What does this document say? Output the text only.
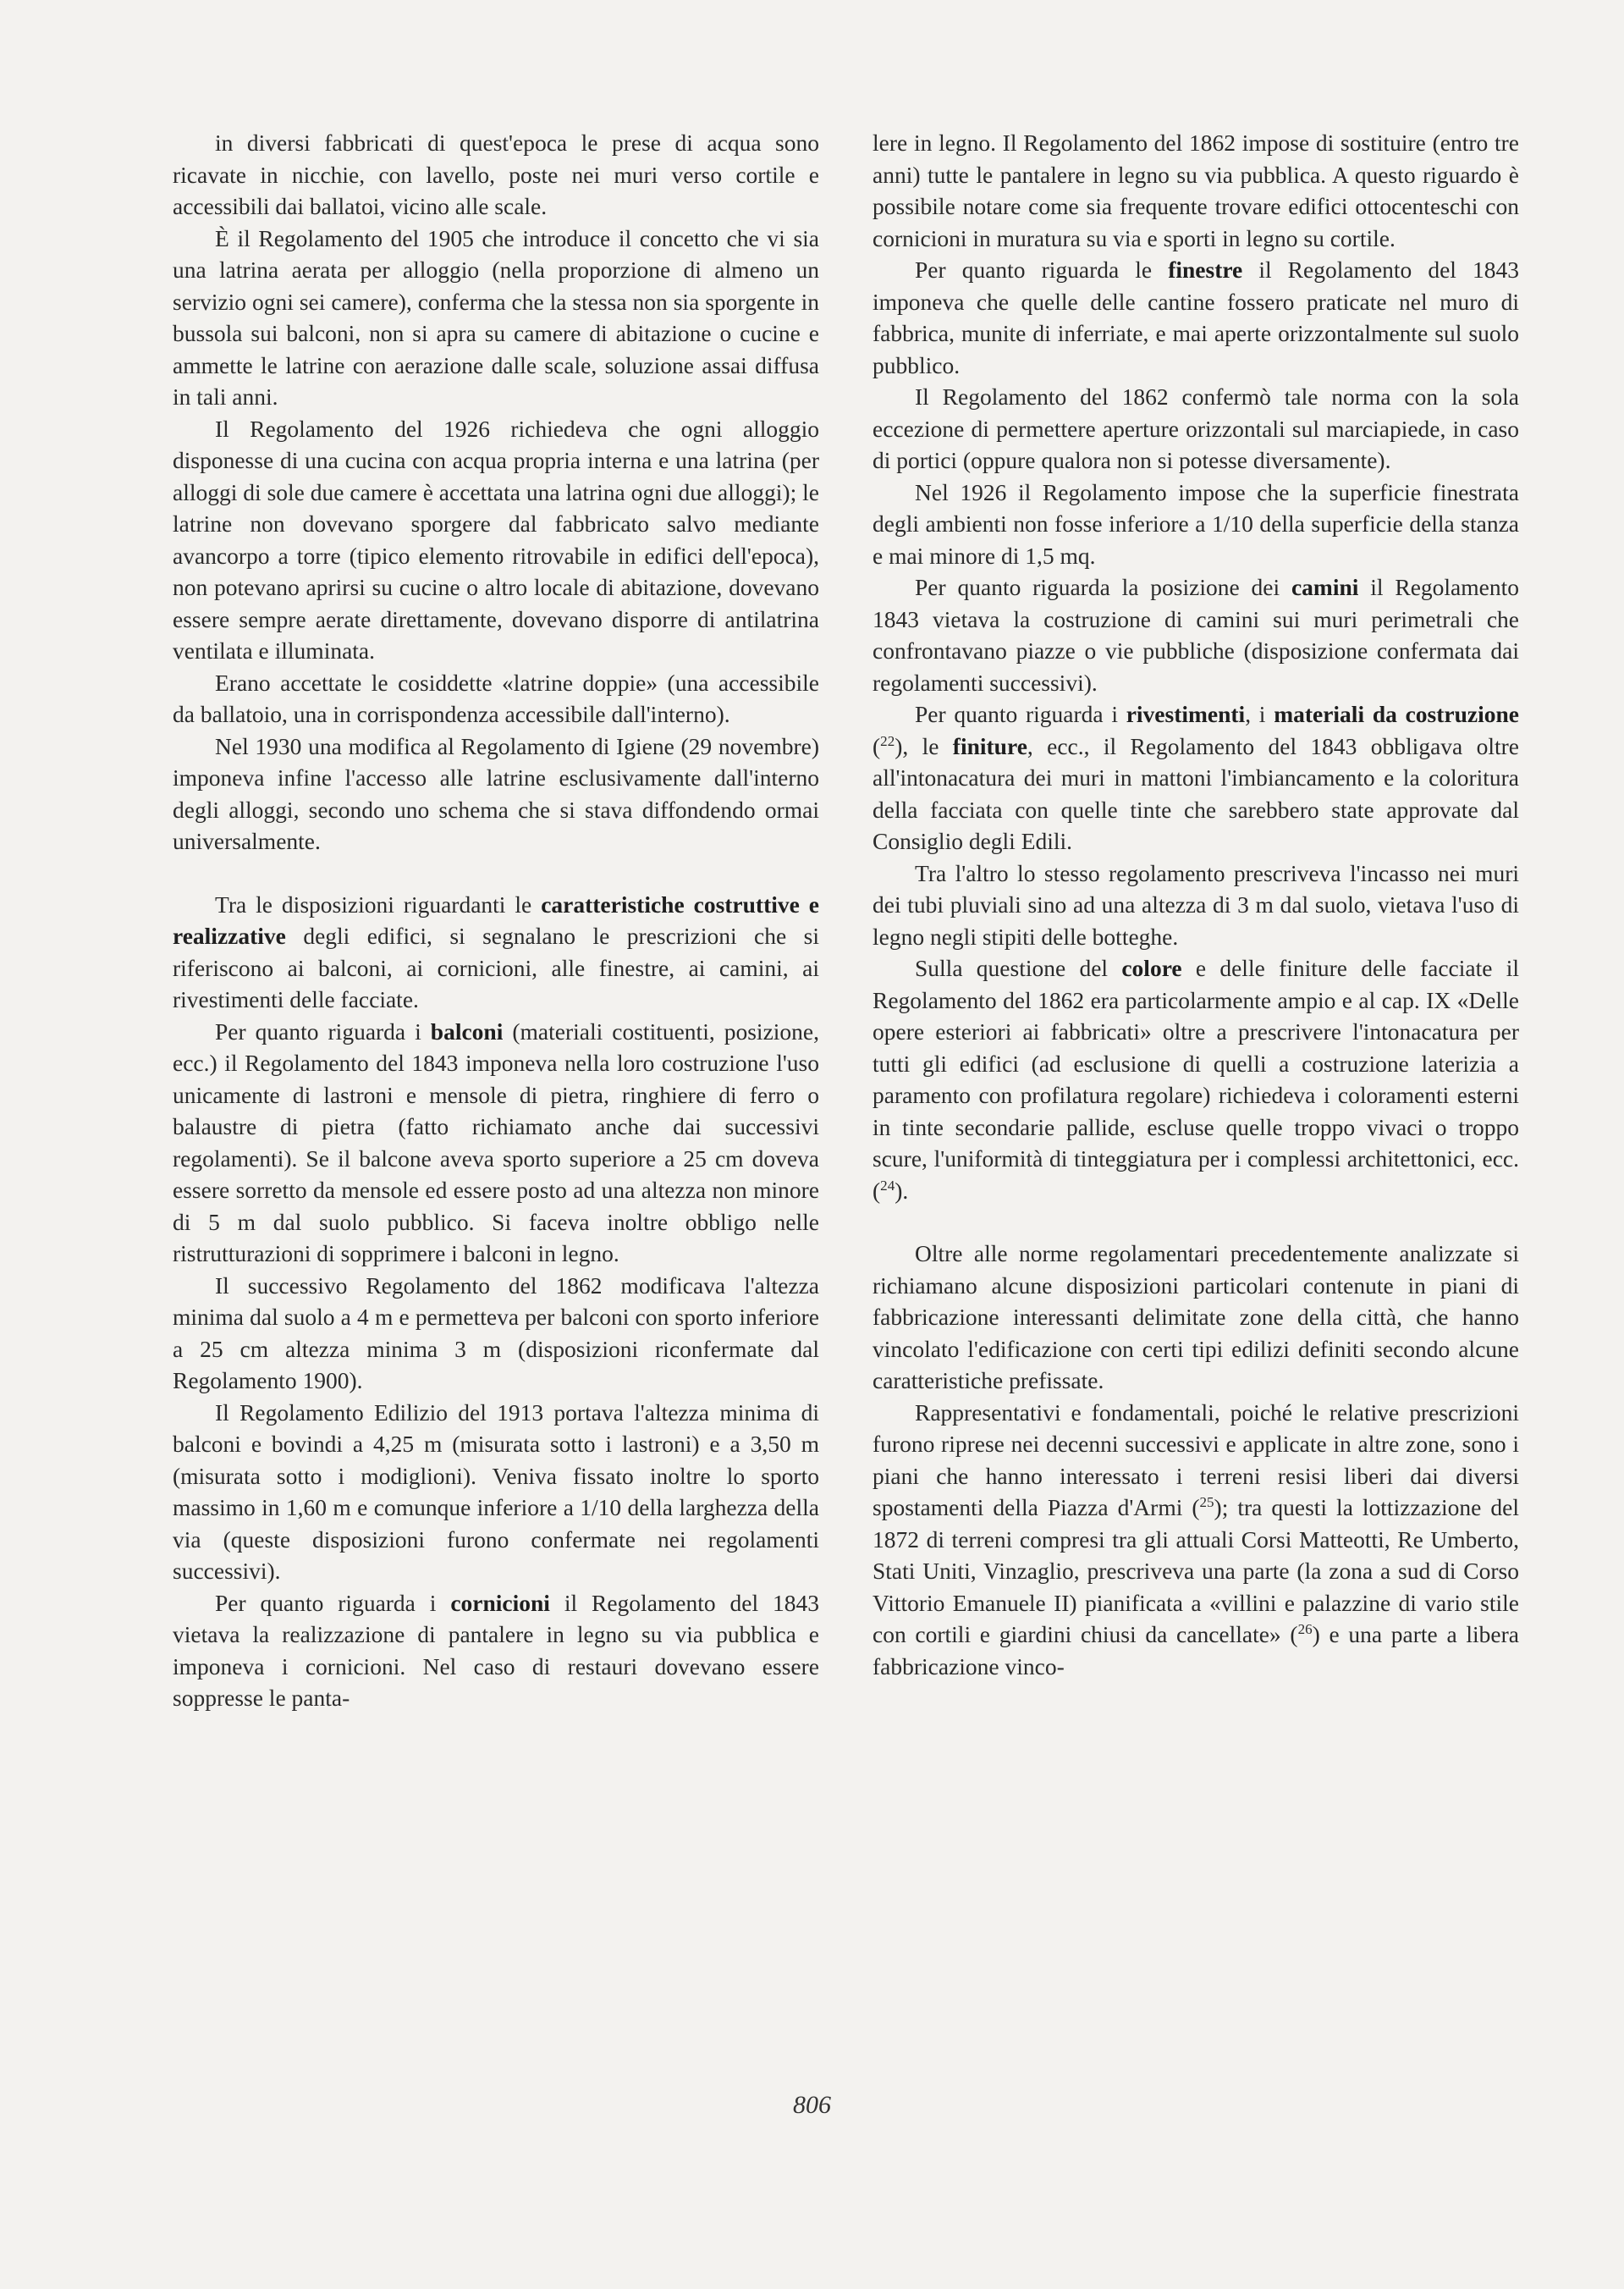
in diversi fabbricati di quest'epoca le prese di acqua sono ricavate in nicchie, con lavello, poste nei muri verso cortile e accessibili dai ballatoi, vicino alle scale.

È il Regolamento del 1905 che introduce il concetto che vi sia una latrina aerata per alloggio (nella proporzione di almeno un servizio ogni sei camere), conferma che la stessa non sia sporgente in bussola sui balconi, non si apra su camere di abitazione o cucine e ammette le latrine con aerazione dalle scale, soluzione assai diffusa in tali anni.

Il Regolamento del 1926 richiedeva che ogni alloggio disponesse di una cucina con acqua propria interna e una latrina (per alloggi di sole due camere è accettata una latrina ogni due alloggi); le latrine non dovevano sporgere dal fabbricato salvo mediante avancorpo a torre (tipico elemento ritrovabile in edifici dell'epoca), non potevano aprirsi su cucine o altro locale di abitazione, dovevano essere sempre aerate direttamente, dovevano disporre di antilatrina ventilata e illuminata.

Erano accettate le cosiddette «latrine doppie» (una accessibile da ballatoio, una in corrispondenza accessibile dall'interno).

Nel 1930 una modifica al Regolamento di Igiene (29 novembre) imponeva infine l'accesso alle latrine esclusivamente dall'interno degli alloggi, secondo uno schema che si stava diffondendo ormai universalmente.

Tra le disposizioni riguardanti le caratteristiche costruttive e realizzative degli edifici, si segnalano le prescrizioni che si riferiscono ai balconi, ai cornicioni, alle finestre, ai camini, ai rivestimenti delle facciate.

Per quanto riguarda i balconi (materiali costituenti, posizione, ecc.) il Regolamento del 1843 imponeva nella loro costruzione l'uso unicamente di lastroni e mensole di pietra, ringhiere di ferro o balaustre di pietra (fatto richiamato anche dai successivi regolamenti). Se il balcone aveva sporto superiore a 25 cm doveva essere sorretto da mensole ed essere posto ad una altezza non minore di 5 m dal suolo pubblico. Si faceva inoltre obbligo nelle ristrutturazioni di sopprimere i balconi in legno.

Il successivo Regolamento del 1862 modificava l'altezza minima dal suolo a 4 m e permetteva per balconi con sporto inferiore a 25 cm altezza minima 3 m (disposizioni riconfermate dal Regolamento 1900).

Il Regolamento Edilizio del 1913 portava l'altezza minima di balconi e bovindi a 4,25 m (misurata sotto i lastroni) e a 3,50 m (misurata sotto i modiglioni). Veniva fissato inoltre lo sporto massimo in 1,60 m e comunque inferiore a 1/10 della larghezza della via (queste disposizioni furono confermate nei regolamenti successivi).

Per quanto riguarda i cornicioni il Regolamento del 1843 vietava la realizzazione di pantalere in legno su via pubblica e imponeva i cornicioni. Nel caso di restauri dovevano essere soppresse le panta-

lere in legno. Il Regolamento del 1862 impose di sostituire (entro tre anni) tutte le pantalere in legno su via pubblica. A questo riguardo è possibile notare come sia frequente trovare edifici ottocenteschi con cornicioni in muratura su via e sporti in legno su cortile.

Per quanto riguarda le finestre il Regolamento del 1843 imponeva che quelle delle cantine fossero praticate nel muro di fabbrica, munite di inferriate, e mai aperte orizzontalmente sul suolo pubblico.

Il Regolamento del 1862 confermò tale norma con la sola eccezione di permettere aperture orizzontali sul marciapiede, in caso di portici (oppure qualora non si potesse diversamente).

Nel 1926 il Regolamento impose che la superficie finestrata degli ambienti non fosse inferiore a 1/10 della superficie della stanza e mai minore di 1,5 mq.

Per quanto riguarda la posizione dei camini il Regolamento 1843 vietava la costruzione di camini sui muri perimetrali che confrontavano piazze o vie pubbliche (disposizione confermata dai regolamenti successivi).

Per quanto riguarda i rivestimenti, i materiali da costruzione ($^{22}$), le finiture, ecc., il Regolamento del 1843 obbligava oltre all'intonacatura dei muri in mattoni l'imbiancamento e la coloritura della facciata con quelle tinte che sarebbero state approvate dal Consiglio degli Edili.

Tra l'altro lo stesso regolamento prescriveva l'incasso nei muri dei tubi pluviali sino ad una altezza di 3 m dal suolo, vietava l'uso di legno negli stipiti delle botteghe.

Sulla questione del colore e delle finiture delle facciate il Regolamento del 1862 era particolarmente ampio e al cap. IX «Delle opere esteriori ai fabbricati» oltre a prescrivere l'intonacatura per tutti gli edifici (ad esclusione di quelli a costruzione laterizia a paramento con profilatura regolare) richiedeva i coloramenti esterni in tinte secondarie pallide, escluse quelle troppo vivaci o troppo scure, l'uniformità di tinteggiatura per i complessi architettonici, ecc. ($^{24}$).

Oltre alle norme regolamentari precedentemente analizzate si richiamano alcune disposizioni particolari contenute in piani di fabbricazione interessanti delimitate zone della città, che hanno vincolato l'edificazione con certi tipi edilizi definiti secondo alcune caratteristiche prefissate.

Rappresentativi e fondamentali, poiché le relative prescrizioni furono riprese nei decenni successivi e applicate in altre zone, sono i piani che hanno interessato i terreni resisi liberi dai diversi spostamenti della Piazza d'Armi ($^{25}$); tra questi la lottizzazione del 1872 di terreni compresi tra gli attuali Corsi Matteotti, Re Umberto, Stati Uniti, Vinzaglio, prescriveva una parte (la zona a sud di Corso Vittorio Emanuele II) pianificata a «villini e palazzine di vario stile con cortili e giardini chiusi da cancellate» ($^{26}$) e una parte a libera fabbricazione vinco-

806
